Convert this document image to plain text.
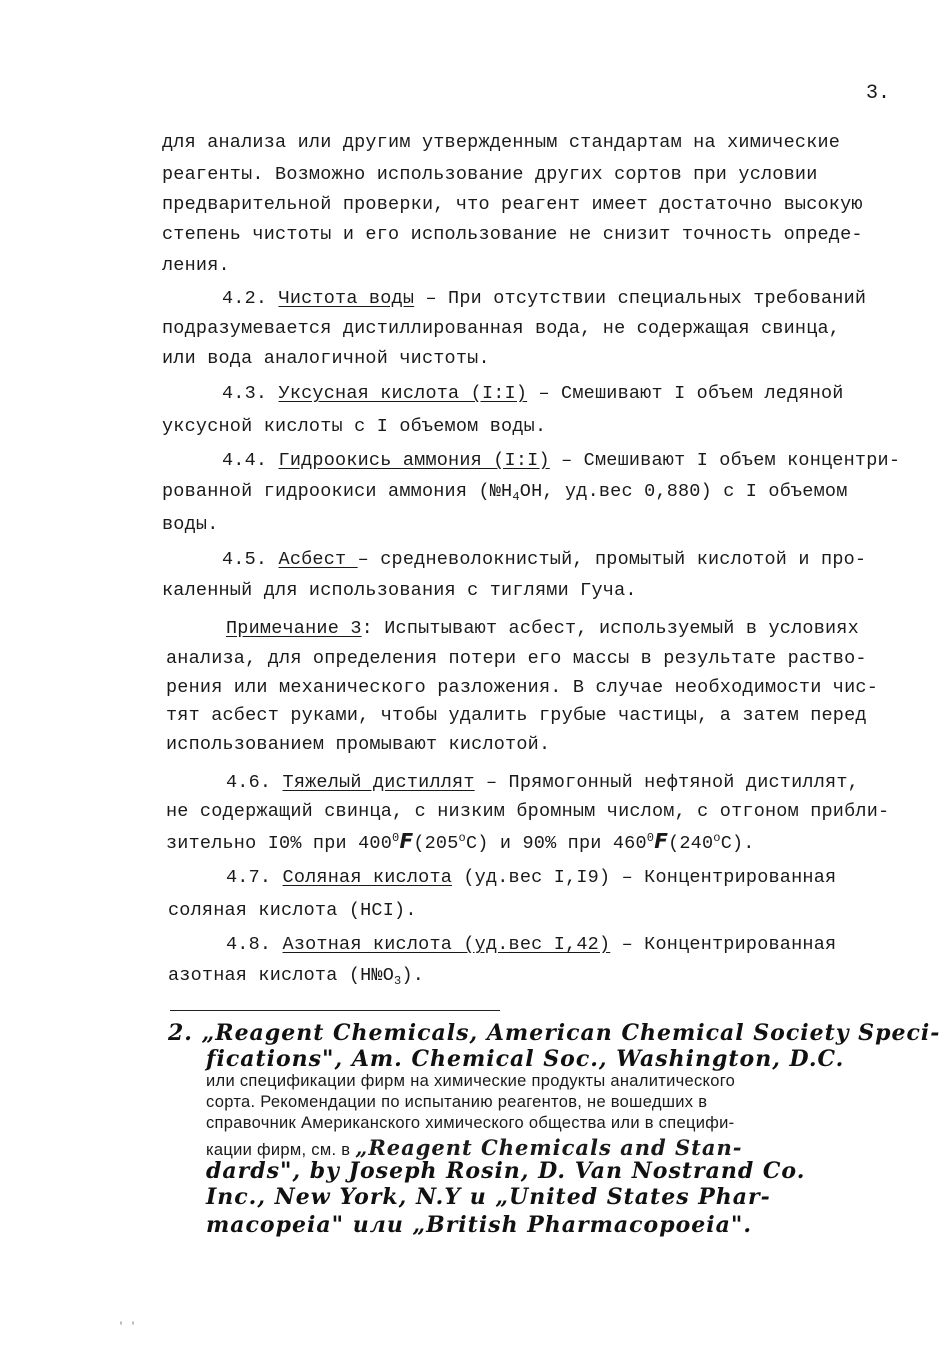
3.
для анализа или другим утвержденным стандартам на химические
реагенты. Возможно использование других сортов при условии
предварительной проверки, что реагент имеет достаточно высокую
степень чистоты и его использование не снизит точность опреде-
ления.
4.2. Чистота воды – При отсутствии специальных требований
подразумевается дистиллированная вода, не содержащая свинца,
или вода аналогичной чистоты.
4.3. Уксусная кислота (I:I) – Смешивают I объем ледяной
уксусной кислоты с I объемом воды.
4.4. Гидроокись аммония (I:I) – Смешивают I объем концентри-
рованной гидроокиси аммония ($№H_4OH$, уд.вес 0,880) с I объемом
воды.
4.5. Асбест – средневолокнистый, промытый кислотой и про-
каленный для использования с тиглями Гуча.
Примечание 3: Испытывают асбест, используемый в условиях
анализа, для определения потери его массы в результате раство-
рения или механического разложения. В случае необходимости чис-
тят асбест руками, чтобы удалить грубые частицы, а затем перед
использованием промывают кислотой.
4.6. Тяжелый дистиллят – Прямогонный нефтяной дистиллят,
не содержащий свинца, с низким бромным числом, с отгоном прибли-
зительно I0% при $400^0F(205^oC)$ и 90% при $460^0F(240^oC)$.
4.7. Соляная кислота (уд.вес I,I9) – Концентрированная
соляная кислота (HCI).
4.8. Азотная кислота (уд.вес I,42) – Концентрированная
азотная кислота $(H№O_3)$.
2. „Reagent Chemicals, American Chemical Society Speci-
fications", Am. Chemical Soc., Washington, D.C.
или спецификации фирм на химические продукты аналитического
сорта. Рекомендации по испытанию реагентов, не вошедших в
справочник Американского химического общества или в специфи-
кации фирм, см. в „Reagent Chemicals and Stan-
dards", by Joseph Rosin, D. Van Nostrand Co.
Inc., New York, N.Y u „United States Phar-
macopeia" или „British Pharmacopoeia".
' '
